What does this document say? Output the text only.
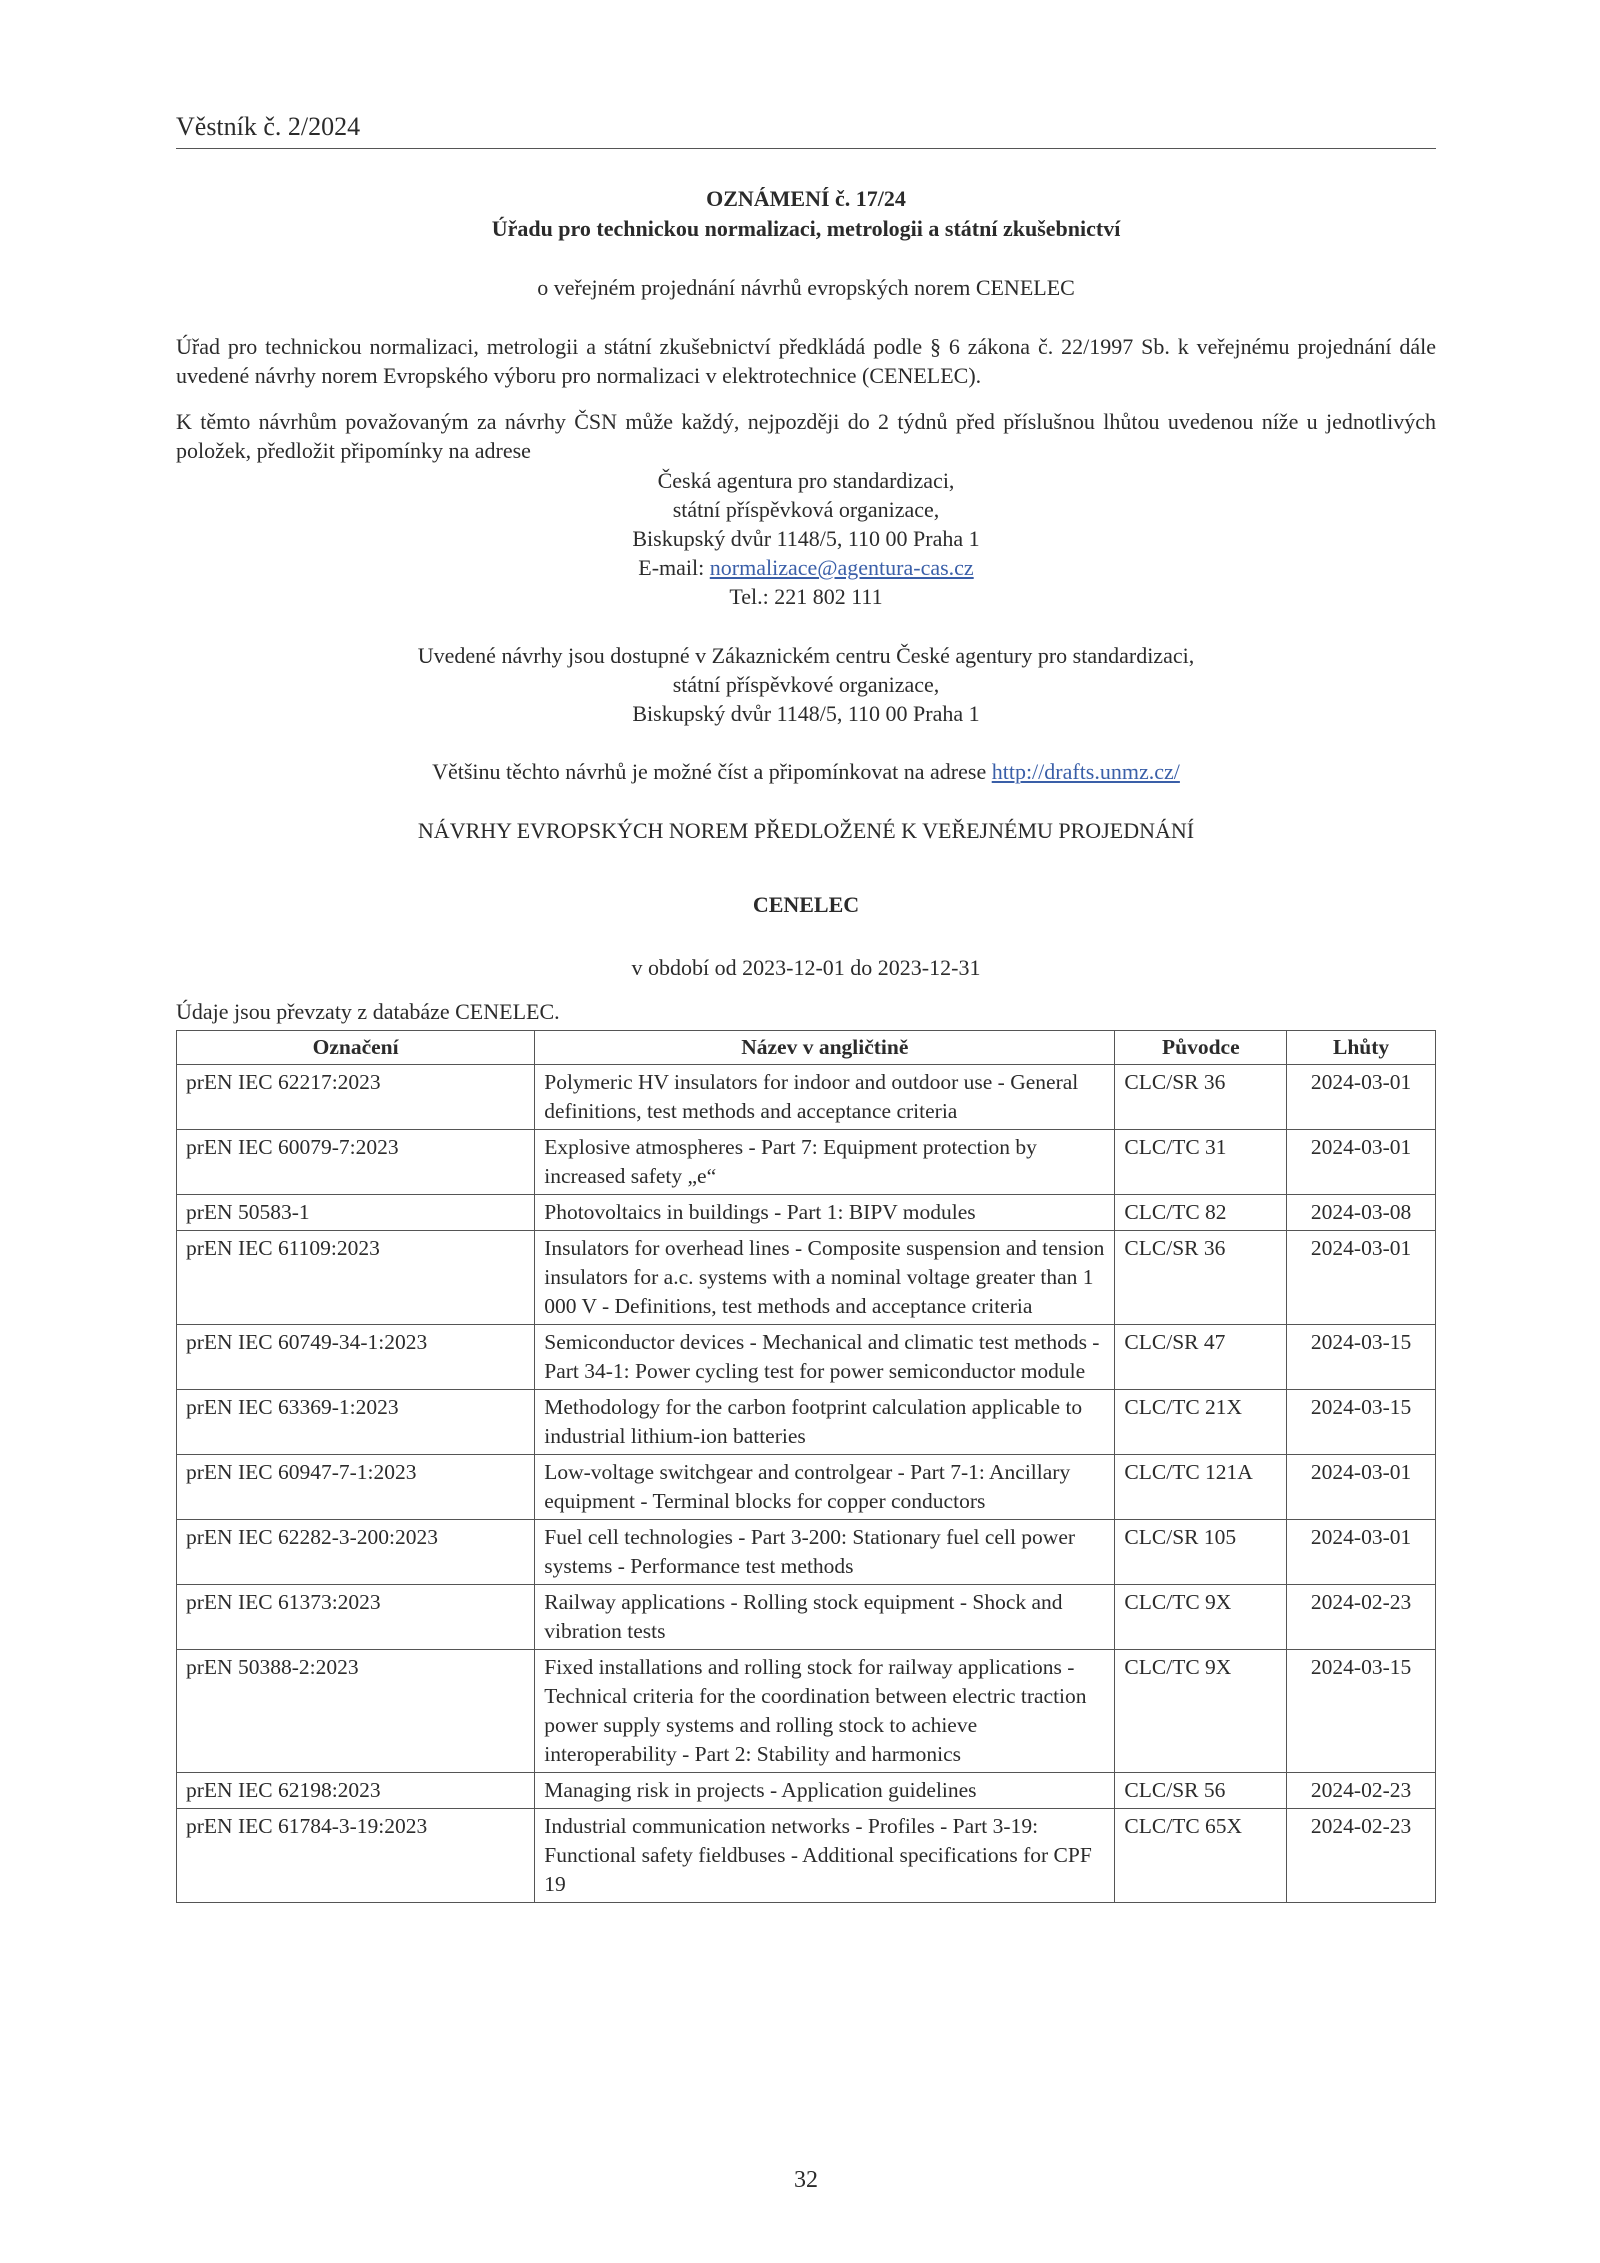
Věstník č. 2/2024
OZNÁMENÍ č. 17/24
Úřadu pro technickou normalizaci, metrologii a státní zkušebnictví
o veřejném projednání návrhů evropských norem CENELEC
Úřad pro technickou normalizaci, metrologii a státní zkušebnictví předkládá podle § 6 zákona č. 22/1997 Sb. k veřejnému projednání dále uvedené návrhy norem Evropského výboru pro normalizaci v elektrotechnice (CENELEC).
K těmto návrhům považovaným za návrhy ČSN může každý, nejpozději do 2 týdnů před příslušnou lhůtou uvedenou níže u jednotlivých položek, předložit připomínky na adrese
Česká agentura pro standardizaci,
státní příspěvková organizace,
Biskupský dvůr 1148/5, 110 00 Praha 1
E-mail: normalizace@agentura-cas.cz
Tel.: 221 802 111
Uvedené návrhy jsou dostupné v Zákaznickém centru České agentury pro standardizaci,
státní příspěvkové organizace,
Biskupský dvůr 1148/5, 110 00 Praha 1
Většinu těchto návrhů je možné číst a připomínkovat na adrese http://drafts.unmz.cz/
NÁVRHY EVROPSKÝCH NOREM PŘEDLOŽENÉ K VEŘEJNÉMU PROJEDNÁNÍ
CENELEC
v období od 2023-12-01 do 2023-12-31
Údaje jsou převzaty z databáze CENELEC.
Označení	Název v angličtině	Původce	Lhůty
prEN IEC 62217:2023	Polymeric HV insulators for indoor and outdoor use - General definitions, test methods and acceptance criteria	CLC/SR 36	2024-03-01
prEN IEC 60079-7:2023	Explosive atmospheres - Part 7: Equipment protection by increased safety „e“	CLC/TC 31	2024-03-01
prEN 50583-1	Photovoltaics in buildings - Part 1: BIPV modules	CLC/TC 82	2024-03-08
prEN IEC 61109:2023	Insulators for overhead lines - Composite suspension and tension insulators for a.c. systems with a nominal voltage greater than 1 000 V - Definitions, test methods and acceptance criteria	CLC/SR 36	2024-03-01
prEN IEC 60749-34-1:2023	Semiconductor devices - Mechanical and climatic test methods - Part 34-1: Power cycling test for power semiconductor module	CLC/SR 47	2024-03-15
prEN IEC 63369-1:2023	Methodology for the carbon footprint calculation applicable to industrial lithium-ion batteries	CLC/TC 21X	2024-03-15
prEN IEC 60947-7-1:2023	Low-voltage switchgear and controlgear - Part 7-1: Ancillary equipment - Terminal blocks for copper conductors	CLC/TC 121A	2024-03-01
prEN IEC 62282-3-200:2023	Fuel cell technologies - Part 3-200: Stationary fuel cell power systems - Performance test methods	CLC/SR 105	2024-03-01
prEN IEC 61373:2023	Railway applications - Rolling stock equipment - Shock and vibration tests	CLC/TC 9X	2024-02-23
prEN 50388-2:2023	Fixed installations and rolling stock for railway applications - Technical criteria for the coordination between electric traction power supply systems and rolling stock to achieve interoperability - Part 2: Stability and harmonics	CLC/TC 9X	2024-03-15
prEN IEC 62198:2023	Managing risk in projects - Application guidelines	CLC/SR 56	2024-02-23
prEN IEC 61784-3-19:2023	Industrial communication networks - Profiles - Part 3-19: Functional safety fieldbuses - Additional specifications for CPF 19	CLC/TC 65X	2024-02-23
32
